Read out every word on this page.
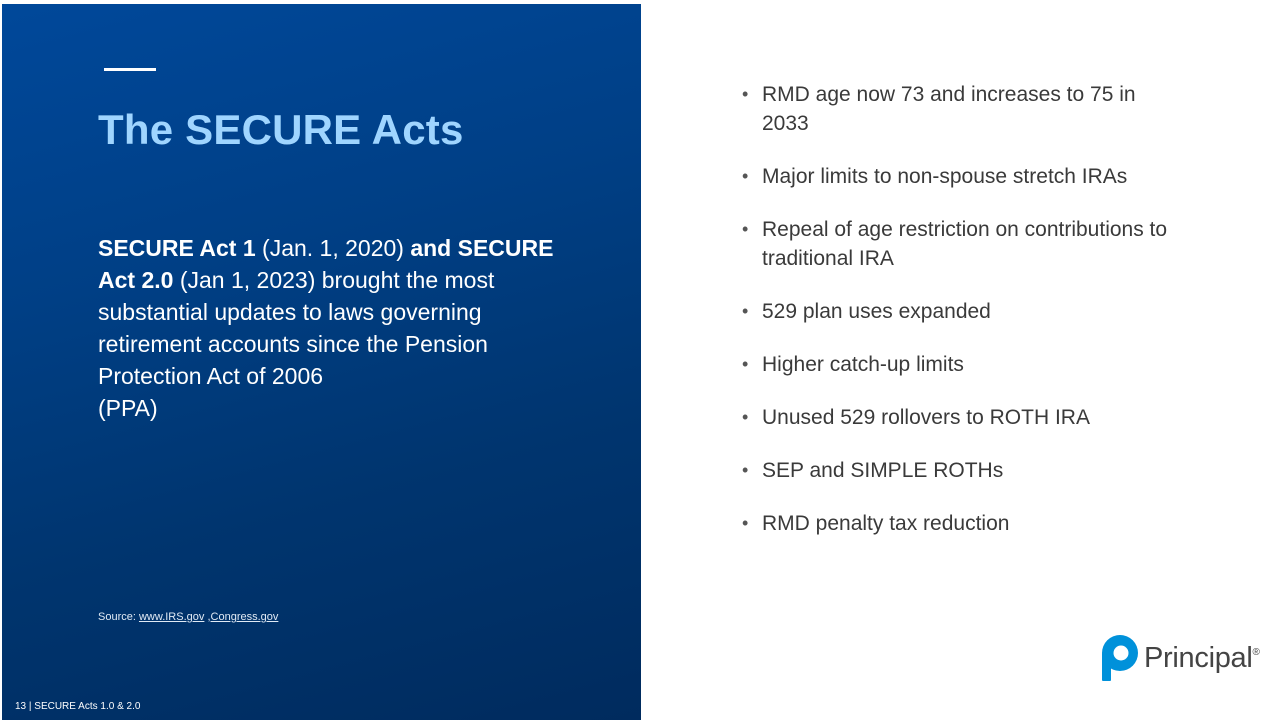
The SECURE Acts

SECURE Act 1 (Jan. 1, 2020) and SECURE Act 2.0 (Jan 1, 2023) brought the most substantial updates to laws governing retirement accounts since the Pension Protection Act of 2006
(PPA)

Source: www.IRS.gov ,Congress.gov
13 | SECURE Acts 1.0 & 2.0
• RMD age now 73 and increases to 75 in 2033
• Major limits to non-spouse stretch IRAs
• Repeal of age restriction on contributions to traditional IRA
• 529 plan uses expanded
• Higher catch-up limits
• Unused 529 rollovers to ROTH IRA
• SEP and SIMPLE ROTHs
• RMD penalty tax reduction
Principal ®
